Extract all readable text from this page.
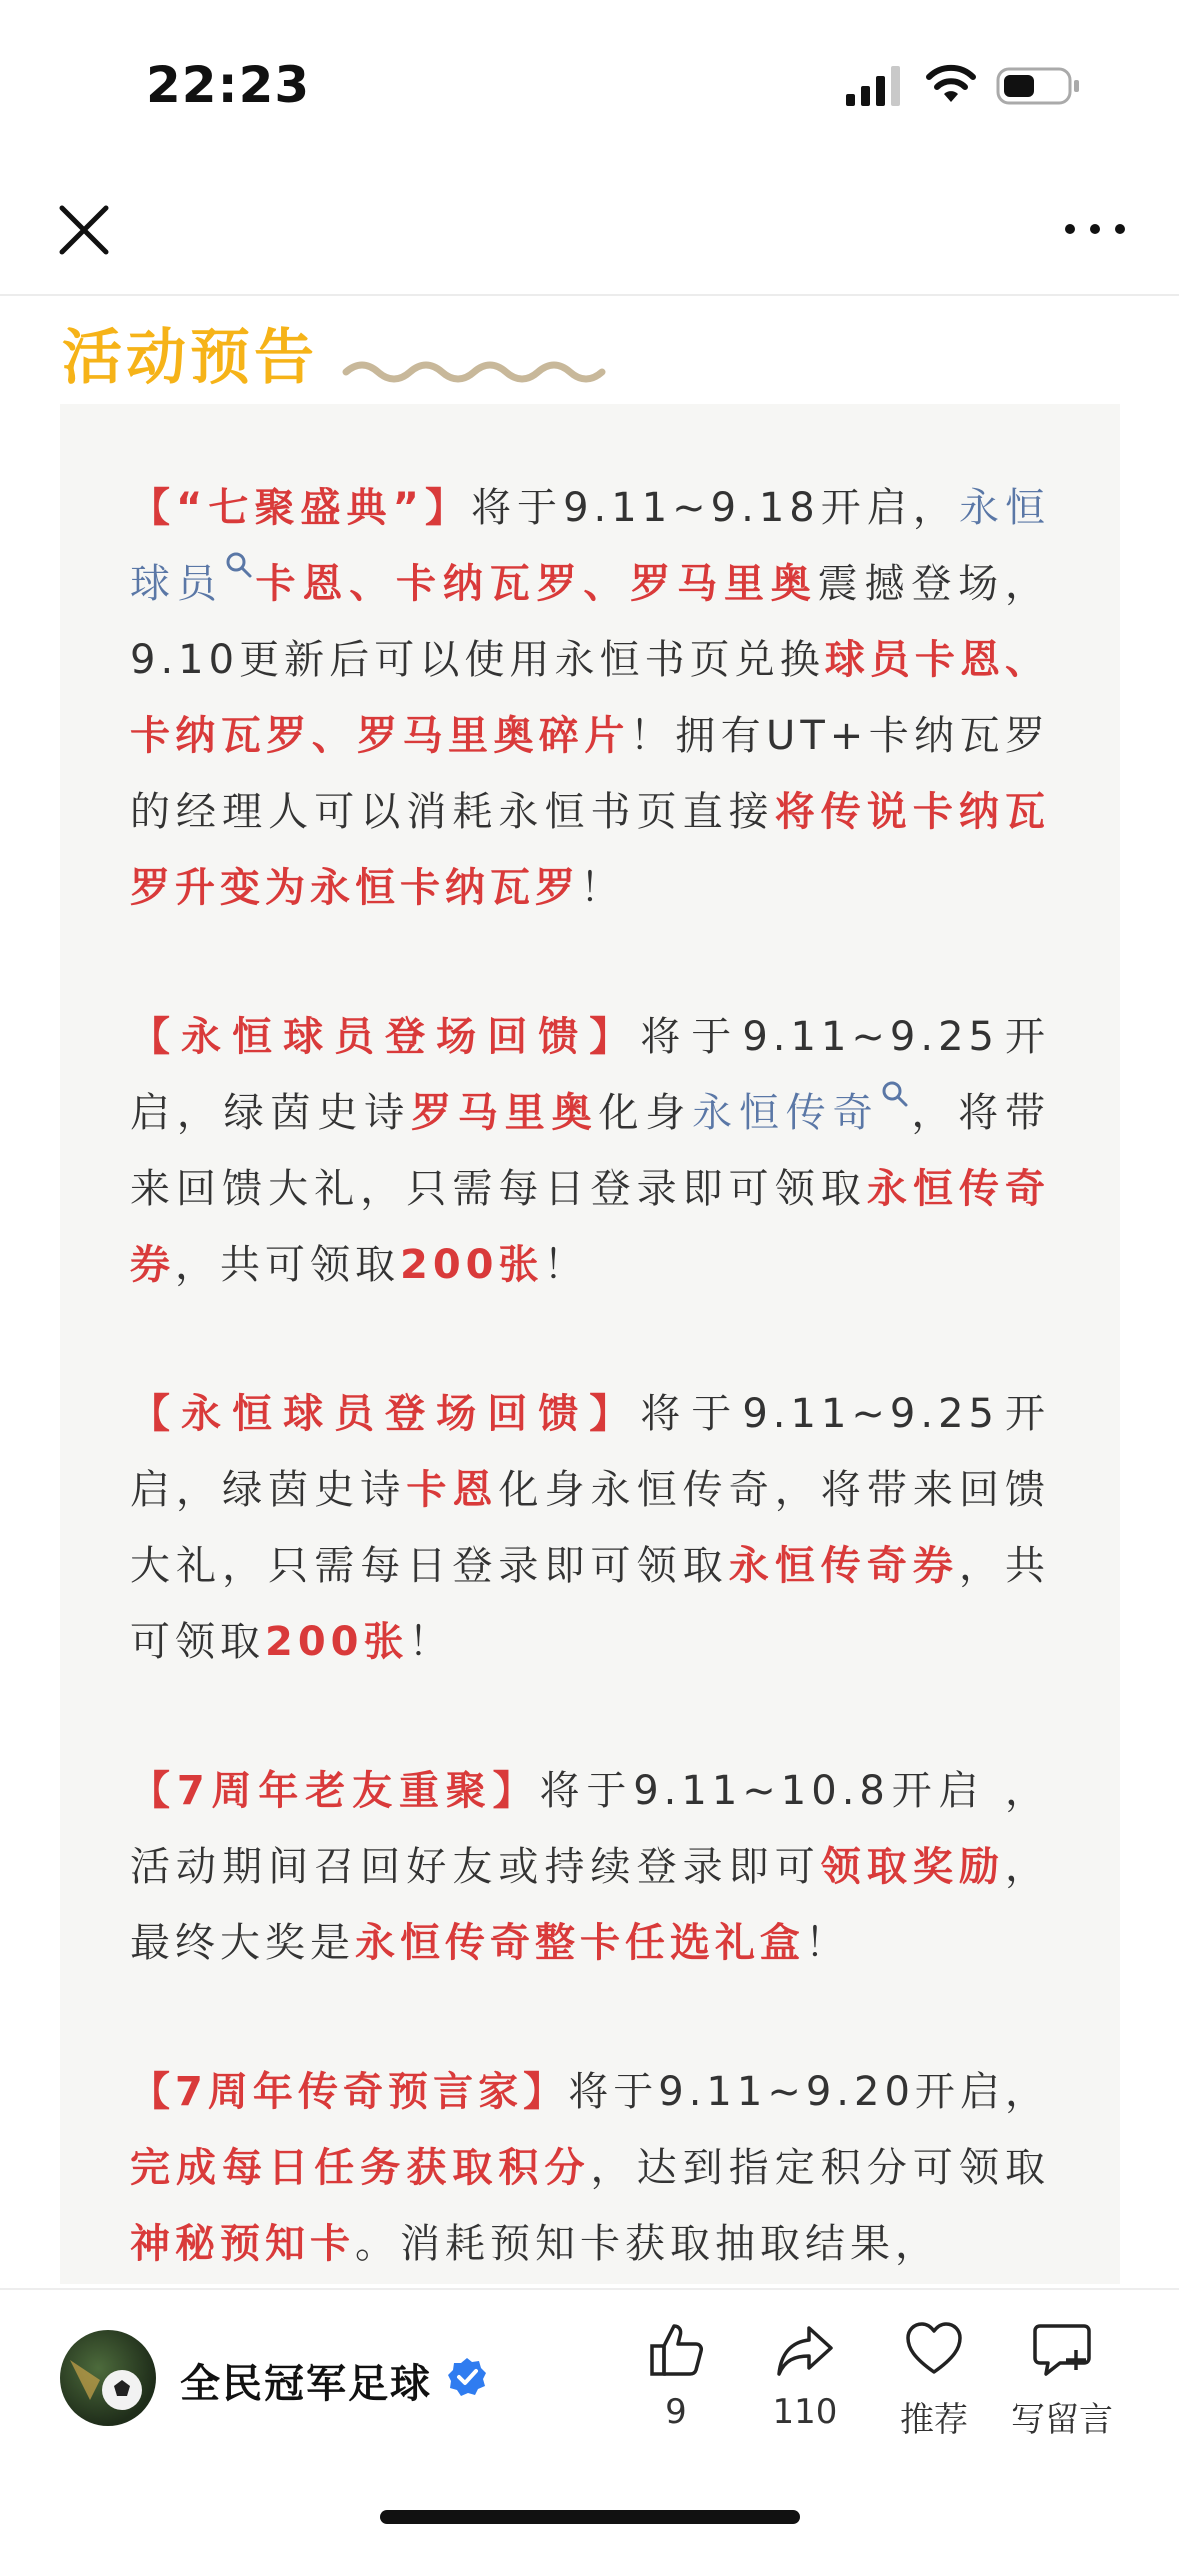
22:23
活动预告

【“七聚盛典”】将于9.11~9.18开启，永恒球员 卡恩、卡纳瓦罗、罗马里奥震撼登场，9.10更新后可以使用永恒书页兑换球员卡恩、卡纳瓦罗、罗马里奥碎片！拥有UT+卡纳瓦罗的经理人可以消耗永恒书页直接将传说卡纳瓦罗升变为永恒卡纳瓦罗！

【永恒球员登场回馈】将于9.11~9.25开启，绿茵史诗罗马里奥化身永恒传奇 ，将带来回馈大礼，只需每日登录即可领取永恒传奇券，共可领取200张！

【永恒球员登场回馈】将于9.11~9.25开启，绿茵史诗卡恩化身永恒传奇，将带来回馈大礼，只需每日登录即可领取永恒传奇券，共可领取200张！

【7周年老友重聚】将于9.11~10.8开启 ，活动期间召回好友或持续登录即可领取奖励，最终大奖是永恒传奇整卡任选礼盒！

【7周年传奇预言家】将于9.11~9.20开启，完成每日任务获取积分，达到指定积分可领取神秘预知卡。消耗预知卡获取抽取结果，

全民冠军足球
9	110	推荐	写留言
